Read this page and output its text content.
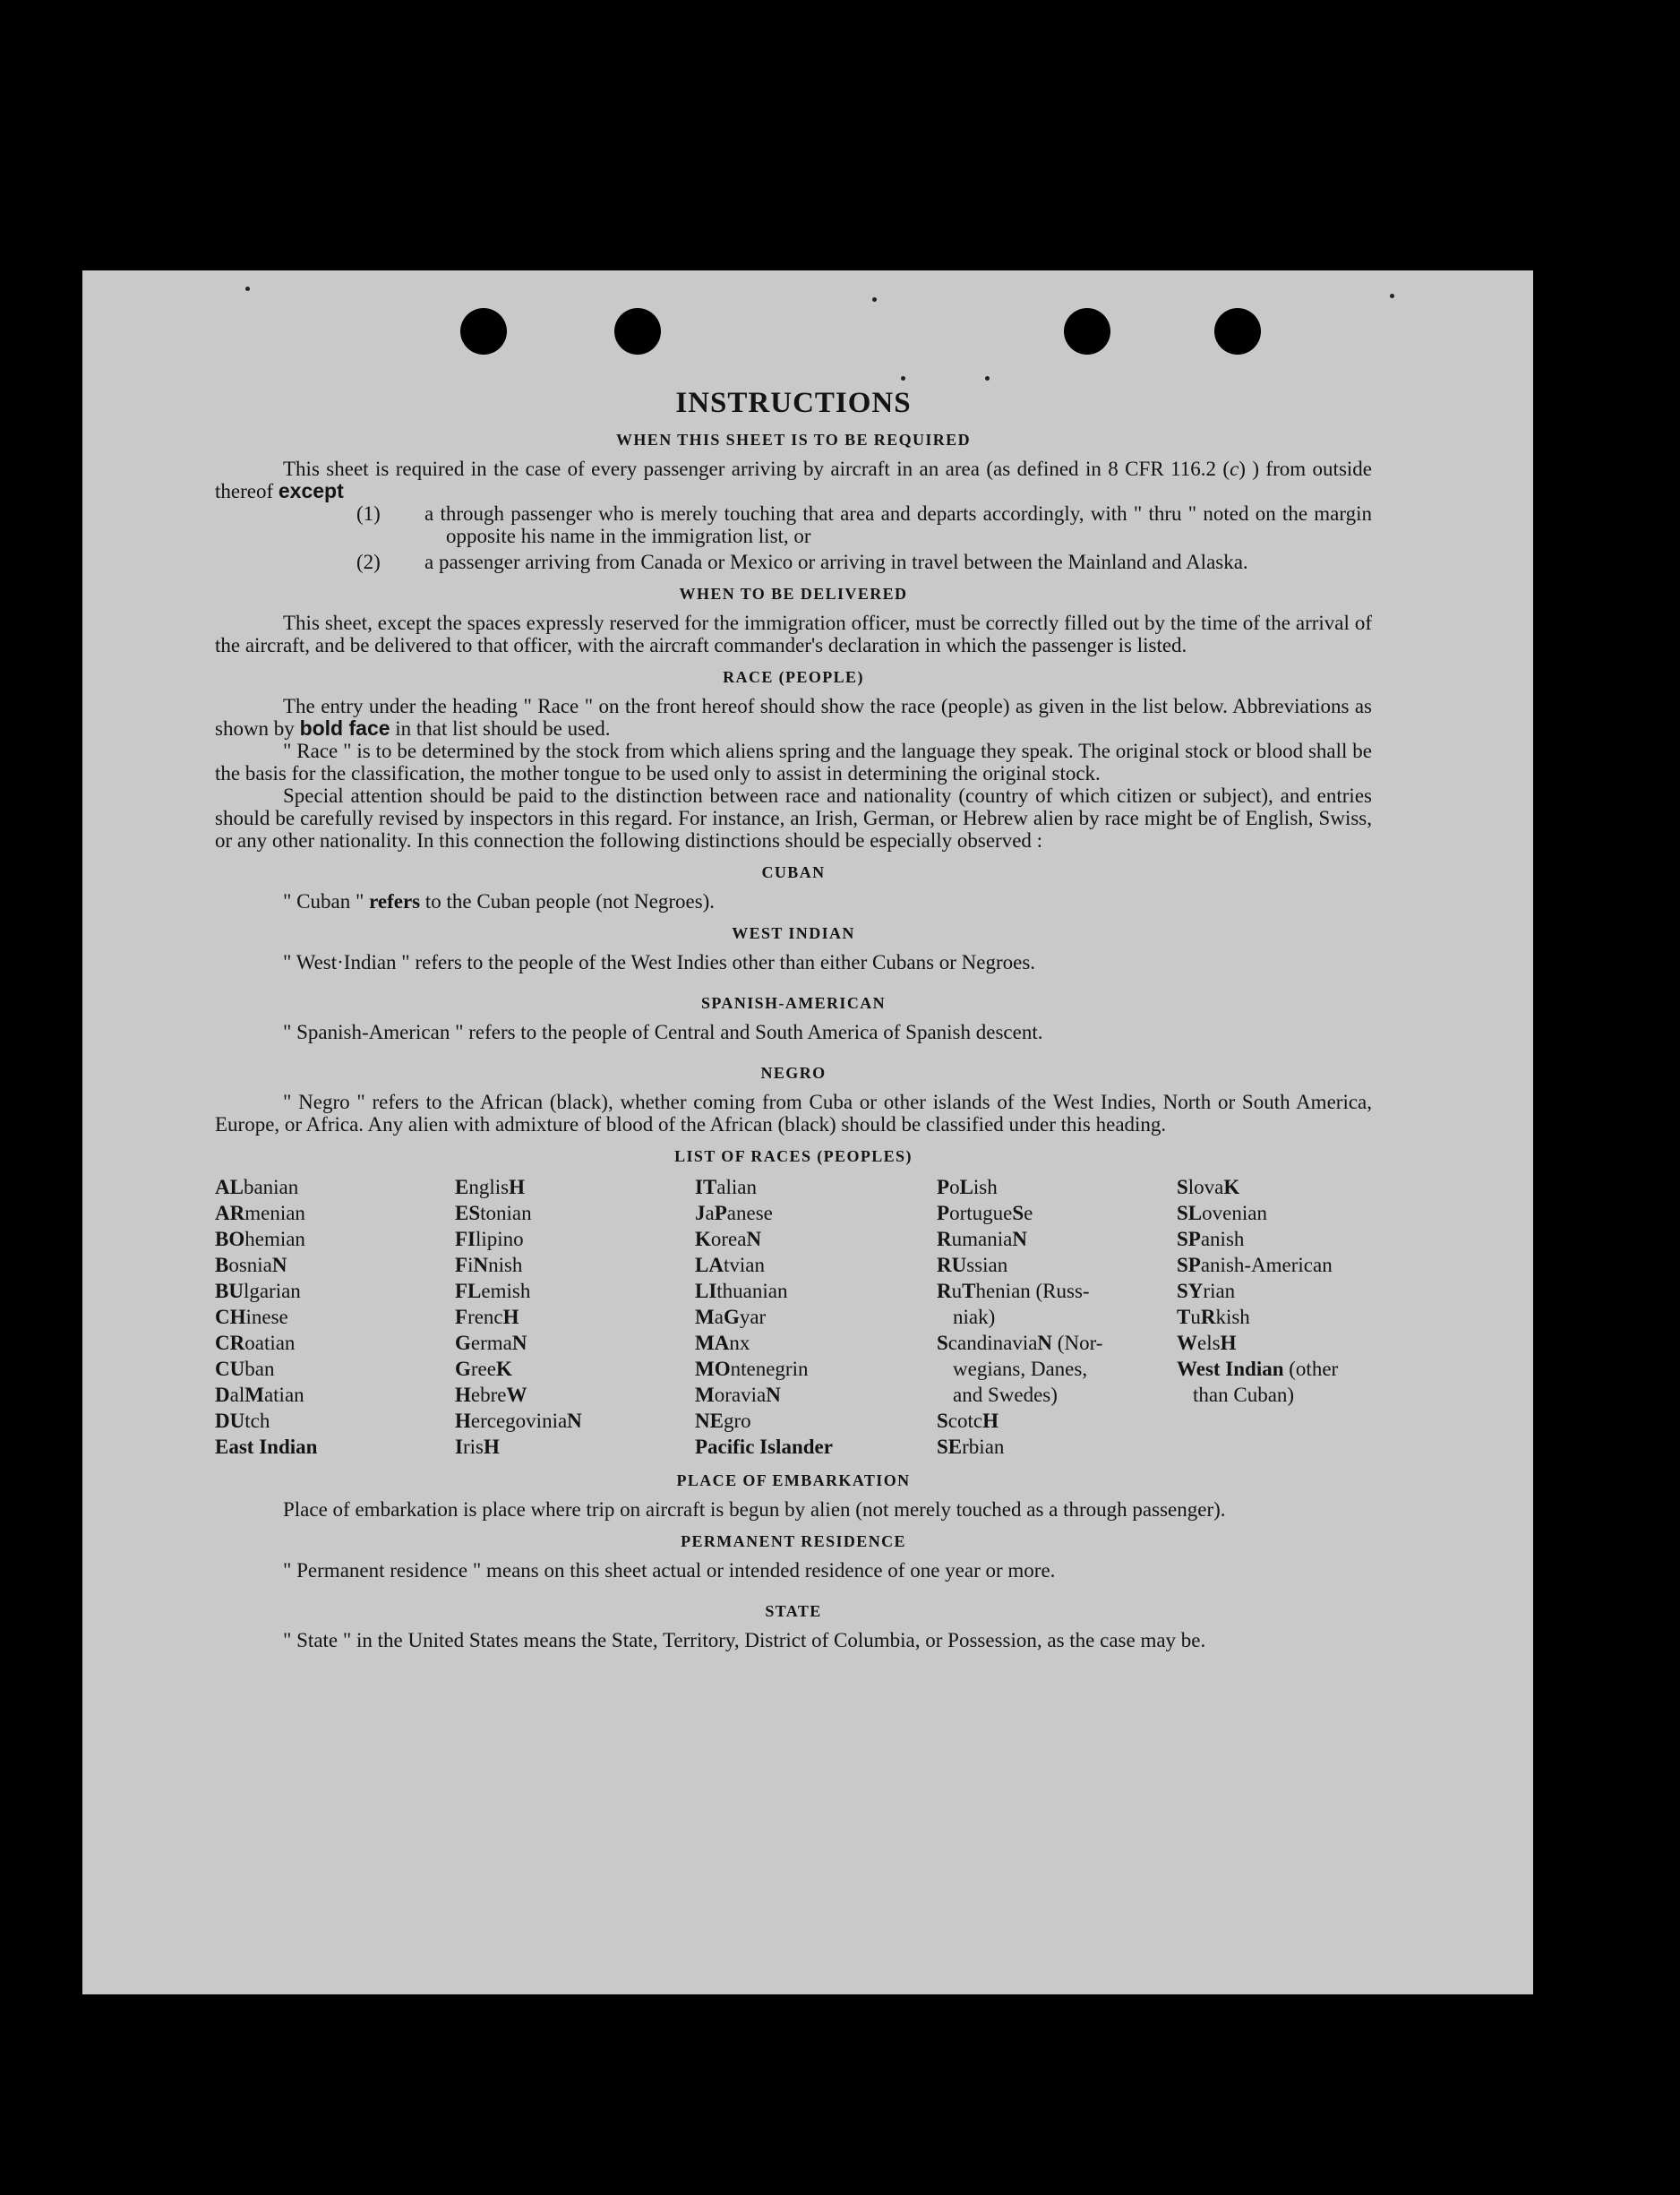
INSTRUCTIONS
WHEN THIS SHEET IS TO BE REQUIRED

This sheet is required in the case of every passenger arriving by aircraft in an area (as defined in 8 CFR 116.2 (c) ) from outside thereof except

(1) a through passenger who is merely touching that area and departs accordingly, with " thru " noted on the margin opposite his name in the immigration list, or
(2) a passenger arriving from Canada or Mexico or arriving in travel between the Mainland and Alaska.
WHEN TO BE DELIVERED

This sheet, except the spaces expressly reserved for the immigration officer, must be correctly filled out by the time of the arrival of the aircraft, and be delivered to that officer, with the aircraft commander's declaration in which the passenger is listed.

RACE (PEOPLE)

The entry under the heading " Race " on the front hereof should show the race (people) as given in the list below. Abbreviations as shown by bold face in that list should be used.

" Race " is to be determined by the stock from which aliens spring and the language they speak. The original stock or blood shall be the basis for the classification, the mother tongue to be used only to assist in determining the original stock.

Special attention should be paid to the distinction between race and nationality (country of which citizen or subject), and entries should be carefully revised by inspectors in this regard. For instance, an Irish, German, or Hebrew alien by race might be of English, Swiss, or any other nationality. In this connection the following distinctions should be especially observed :

CUBAN

" Cuban " refers to the Cuban people (not Negroes).

WEST INDIAN

" West·Indian " refers to the people of the West Indies other than either Cubans or Negroes.

SPANISH-AMERICAN

" Spanish-American " refers to the people of Central and South America of Spanish descent.

NEGRO

" Negro " refers to the African (black), whether coming from Cuba or other islands of the West Indies, North or South America, Europe, or Africa. Any alien with admixture of blood of the African (black) should be classified under this heading.

LIST OF RACES (PEOPLES)
ALbanian
ARmenian
BOhemian
BosniaN
BUlgarian
CHinese
CRoatian
CUban
DalMatian
DUtch
East Indian
EnglisH
EStonian
FIlipino
FiNnish
FLemish
FrencH
GermaN
GreeK
HebreW
HercegoviniaN
IrisH
ITalian
JaPanese
KoreaN
LAtvian
LIthuanian
MaGyar
MAnx
MOntenegrin
MoraviaN
NEgro
Pacific Islander
PoLish
PortugueSe
RumaniaN
RUssian
RuThenian (Russ-
niak)
ScandinaviaN (Nor-
wegians, Danes,
and Swedes)
ScotcH
SErbian
SlovaK
SLovenian
SPanish
SPanish-American
SYrian
TuRkish
WelsH
West Indian (other
than Cuban)
PLACE OF EMBARKATION

Place of embarkation is place where trip on aircraft is begun by alien (not merely touched as a through passenger).

PERMANENT RESIDENCE

" Permanent residence " means on this sheet actual or intended residence of one year or more.

STATE

" State " in the United States means the State, Territory, District of Columbia, or Possession, as the case may be.
